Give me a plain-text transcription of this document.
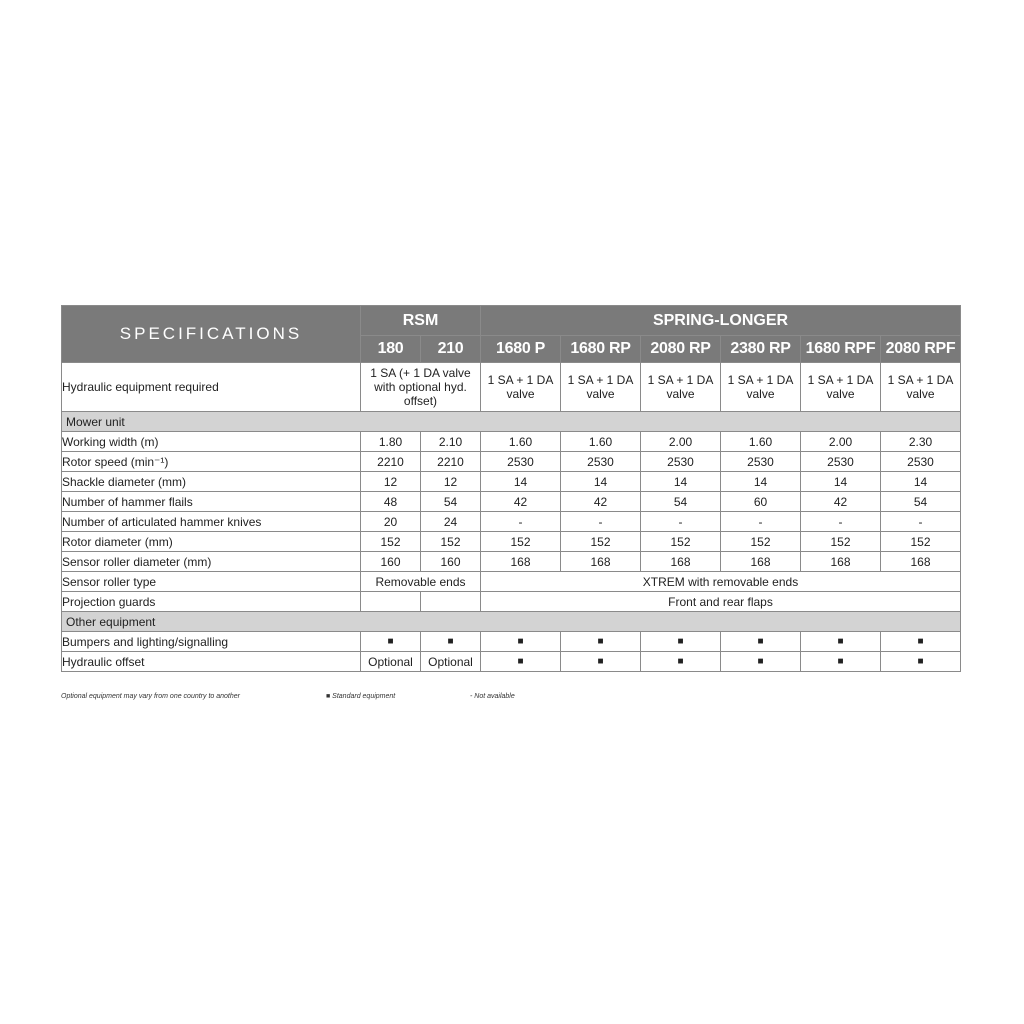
SPECIFICATIONS	RSM		SPRING-LONGER					
	180	210	1680 P	1680 RP	2080 RP	2380 RP	1680 RPF	2080 RPF
Hydraulic equipment required	1 SA (+ 1 DA valve with optional hyd. offset)		1 SA + 1 DA valve	1 SA + 1 DA valve	1 SA + 1 DA valve	1 SA + 1 DA valve	1 SA + 1 DA valve	1 SA + 1 DA valve
Mower unit								
Working width (m)	1.80	2.10	1.60	1.60	2.00	1.60	2.00	2.30
Rotor speed (min⁻¹)	2210	2210	2530	2530	2530	2530	2530	2530
Shackle diameter (mm)	12	12	14	14	14	14	14	14
Number of hammer flails	48	54	42	42	54	60	42	54
Number of articulated hammer knives	20	24	-	-	-	-	-	-
Rotor diameter (mm)	152	152	152	152	152	152	152	152
Sensor roller diameter (mm)	160	160	168	168	168	168	168	168
Sensor roller type	Removable ends		XTREM with removable ends					
Projection guards			Front and rear flaps					
Other equipment								
Bumpers and lighting/signalling	■	■	■	■	■	■	■	■
Hydraulic offset	Optional	Optional	■	■	■	■	■	■
Optional equipment may vary from one country to another	■ Standard equipment	- Not available
